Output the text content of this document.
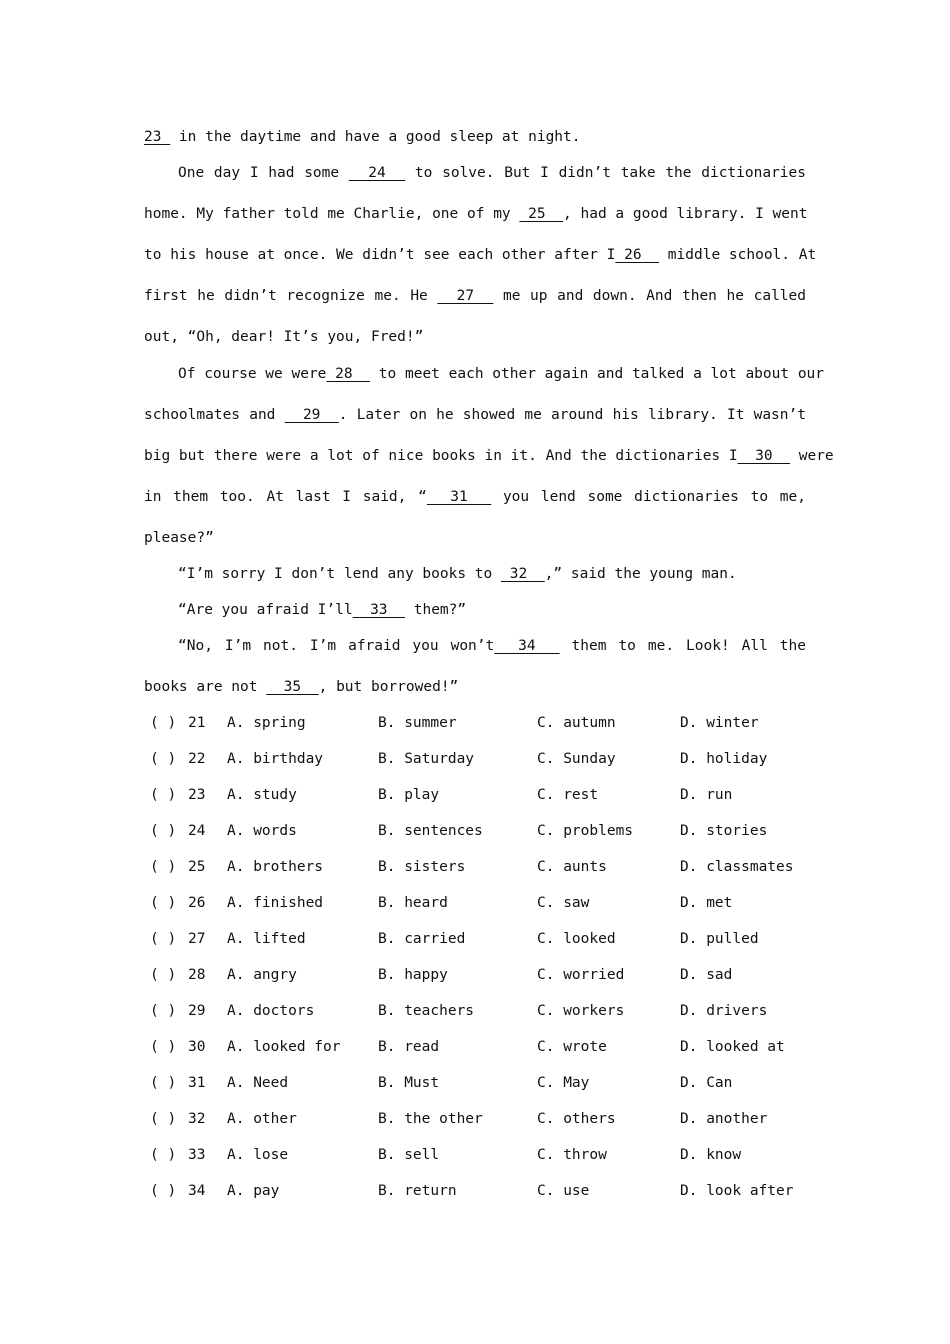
23  in the daytime and have a good sleep at night.
One day I had some   24   to solve. But I didn’t take the dictionaries
home. My father told me Charlie, one of my  25  , had a good library. I went
to his house at once. We didn’t see each other after I 26   middle school. At
first he didn’t recognize me. He   27   me up and down. And then he called
out, “Oh, dear! It’s you, Fred!”
Of course we were 28   to meet each other again and talked a lot about our
schoolmates and   29  . Later on he showed me around his library. It wasn’t
big but there were a lot of nice books in it. And the dictionaries I  30   were
in them too. At last I said, “  31   you lend some dictionaries to me,
please?”
“I’m sorry I don’t lend any books to  32  ,” said the young man.
“Are you afraid I’ll  33   them?”
“No, I’m not. I’m afraid you won’t  34   them to me. Look! All the
books are not   35  , but borrowed!”
( ) 21 A. spring	B. summer	C. autumn	D. winter
( ) 22 A. birthday	B. Saturday	C. Sunday	D. holiday
( ) 23 A. study	B. play	C. rest	D. run
( ) 24 A. words	B. sentences	C. problems	D. stories
( ) 25 A. brothers	B. sisters	C. aunts	D. classmates
( ) 26 A. finished	B. heard	C. saw	D. met
( ) 27 A. lifted	B. carried	C. looked	D. pulled
( ) 28 A. angry	B. happy	C. worried	D. sad
( ) 29 A. doctors	B. teachers	C. workers	D. drivers
( ) 30 A. looked for	B. read	C. wrote	D. looked at
( ) 31 A. Need	B. Must	C. May	D. Can
( ) 32 A. other	B. the other	C. others	D. another
( ) 33 A. lose	B. sell	C. throw	D. know
( ) 34 A. pay	B. return	C. use	D. look after
